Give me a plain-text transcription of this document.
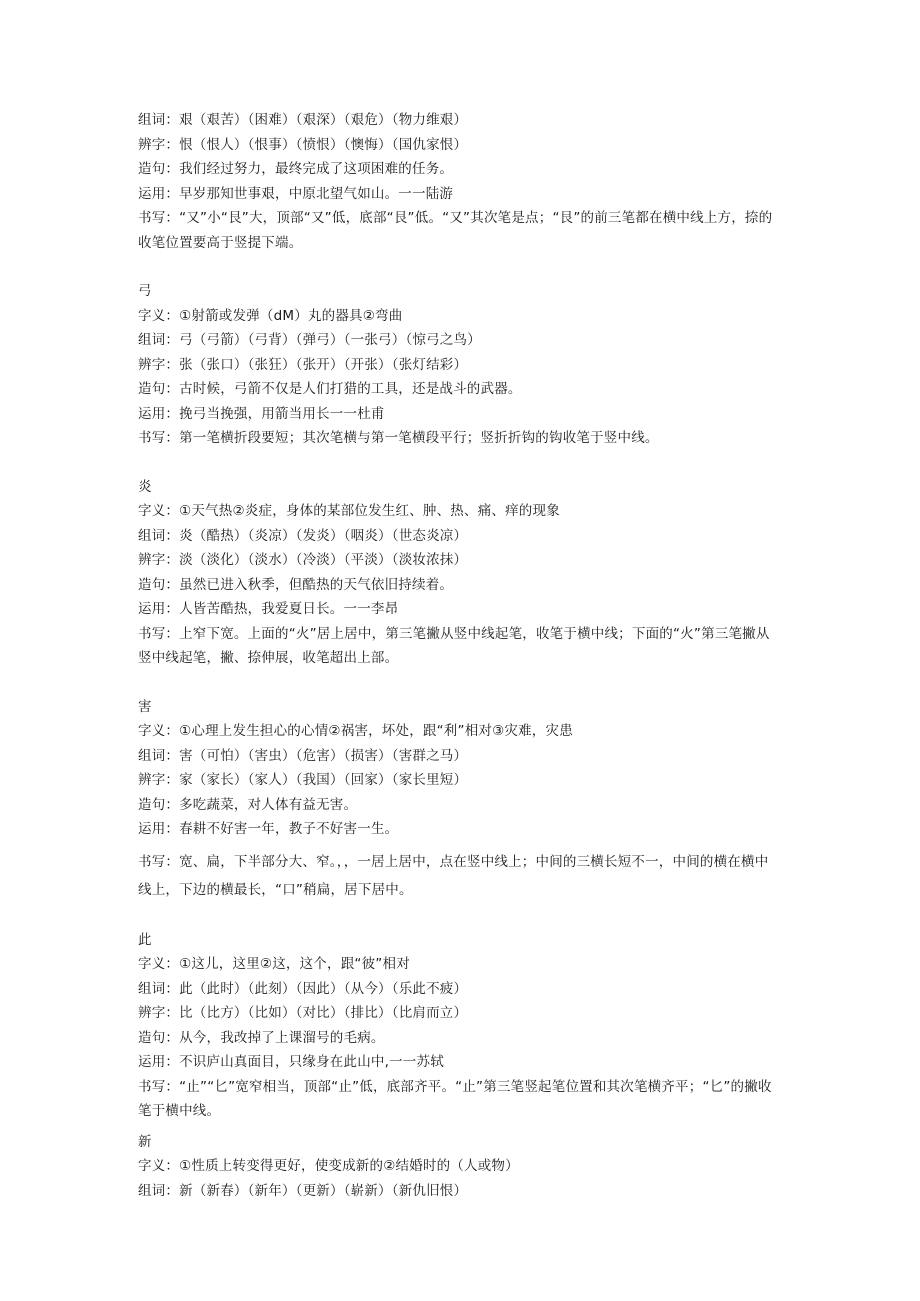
组词：艰（艰苦）（困难）（艰深）（艰危）（物力维艰）
辨字：恨（恨人）（恨事）（愤恨）（懊悔）（国仇家恨）
造句：我们经过努力，最终完成了这项困难的任务。
运用：早岁那知世事艰，中原北望气如山。一一陆游
书写：“又”小“艮”大，顶部“又”低，底部“艮”低。“又”其次笔是点；“艮”的前三笔都在横中线上方，捺的收笔位置要高于竖提下端。
弓
字义：①射箭或发弹（dM）丸的器具②弯曲
组词：弓（弓箭）（弓背）（弹弓）（一张弓）（惊弓之鸟）
辨字：张（张口）（张狂）（张开）（开张）（张灯结彩）
造句：古时候，弓箭不仅是人们打猎的工具，还是战斗的武器。
运用：挽弓当挽强，用箭当用长一一杜甫
书写：第一笔横折段要短；其次笔横与第一笔横段平行；竖折折钩的钩收笔于竖中线。
炎
字义：①天气热②炎症，身体的某部位发生红、肿、热、痛、痒的现象
组词：炎（酷热）（炎凉）（发炎）（咽炎）（世态炎凉）
辨字：淡（淡化）（淡水）（冷淡）（平淡）（淡妆浓抹）
造句：虽然已进入秋季，但酷热的天气依旧持续着。
运用：人皆苦酷热，我爱夏日长。一一李昂
书写：上窄下宽。上面的“火”居上居中，第三笔撇从竖中线起笔，收笔于横中线；下面的“火”第三笔撇从竖中线起笔，撇、捺伸展，收笔超出上部。
害
字义：①心理上发生担心的心情②祸害，坏处，跟“利”相对③灾难，灾患
组词：害（可怕）（害虫）（危害）（损害）（害群之马）
辨字：家（家长）（家人）（我国）（回家）（家长里短）
造句：多吃蔬菜，对人体有益无害。
运用：春耕不好害一年，教子不好害一生。
书写：宽、扁，下半部分大、窄。，，一居上居中，点在竖中线上；中间的三横长短不一，中间的横在横中线上，下边的横最长，“口”稍扁，居下居中。
此
字义：①这儿，这里②这，这个，跟“彼”相对
组词：此（此时）（此刻）（因此）（从今）（乐此不疲）
辨字：比（比方）（比如）（对比）（排比）（比肩而立）
造句：从今，我改掉了上课溜号的毛病。
运用：不识庐山真面目，只缘身在此山中,一一苏轼
书写：“止”“匕”宽窄相当，顶部“止”低，底部齐平。“止”第三笔竖起笔位置和其次笔横齐平；“匕”的撇收笔于横中线。
新
字义：①性质上转变得更好，使变成新的②结婚时的（人或物）
组词：新（新春）（新年）（更新）（崭新）（新仇旧恨）
